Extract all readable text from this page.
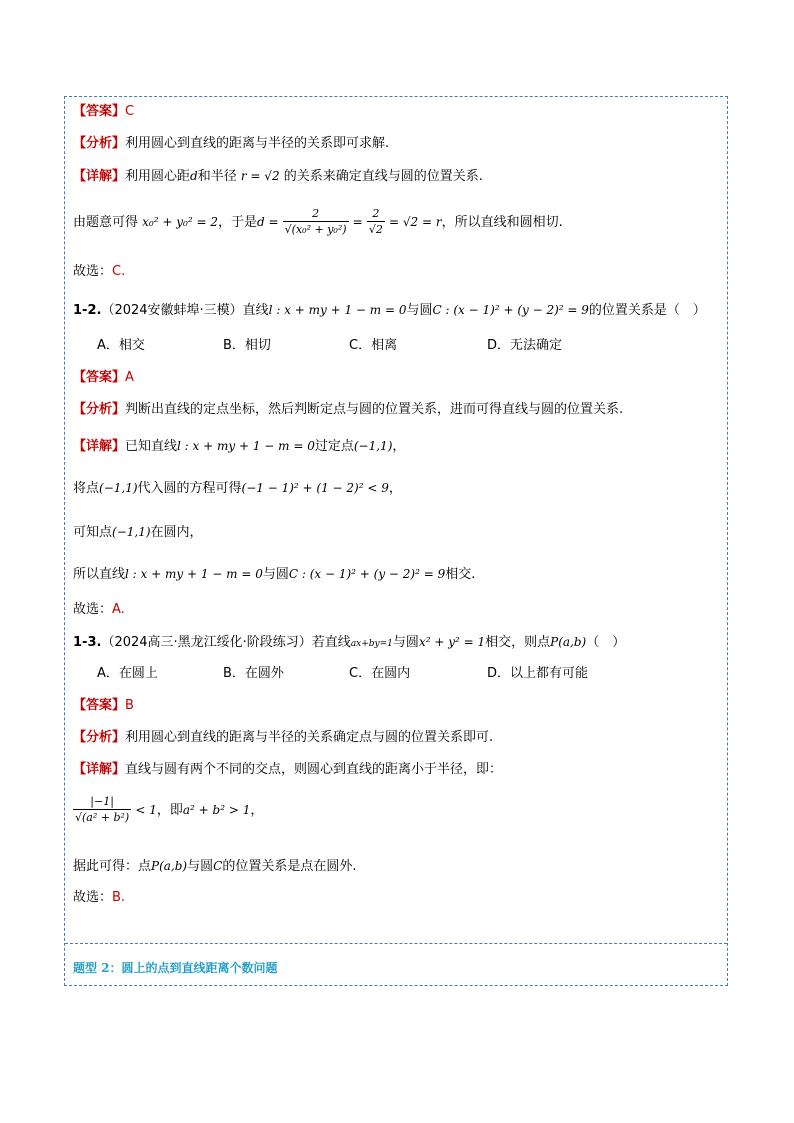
【答案】C
【分析】利用圆心到直线的距离与半径的关系即可求解.
【详解】利用圆心距d和半径 r = √2 的关系来确定直线与圆的位置关系.
由题意可得 x₀² + y₀² = 2，于是$d = \frac{2}{\text{√(x₀² + y₀²)}} = \frac{2}{√2} = √2 = r$，所以直线和圆相切.
故选：C.
1-2.（2024安徽蚌埠·三模）直线l : x + my + 1 − m = 0与圆C : (x − 1)² + (y − 2)² = 9的位置关系是（　）
A．相交	B．相切	C．相离	D．无法确定
【答案】A
【分析】判断出直线的定点坐标，然后判断定点与圆的位置关系，进而可得直线与圆的位置关系.
【详解】已知直线l : x + my + 1 − m = 0过定点(−1,1)，
将点(−1,1)代入圆的方程可得(−1 − 1)² + (1 − 2)² < 9，
可知点(−1,1)在圆内，
所以直线l : x + my + 1 − m = 0与圆C : (x − 1)² + (y − 2)² = 9相交.
故选：A.
1-3.（2024高三·黑龙江绥化·阶段练习）若直线ax+by=1与圆x² + y² = 1相交，则点P(a,b)（　）
A．在圆上	B．在圆外	C．在圆内	D．以上都有可能
【答案】B
【分析】利用圆心到直线的距离与半径的关系确定点与圆的位置关系即可.
【详解】直线与圆有两个不同的交点，则圆心到直线的距离小于半径，即：
$\frac{|-1|}{\text{√(a² + b²)}} < 1$，即a² + b² > 1，
据此可得：点P(a,b)与圆C的位置关系是点在圆外.
故选：B.
题型 2：圆上的点到直线距离个数问题
